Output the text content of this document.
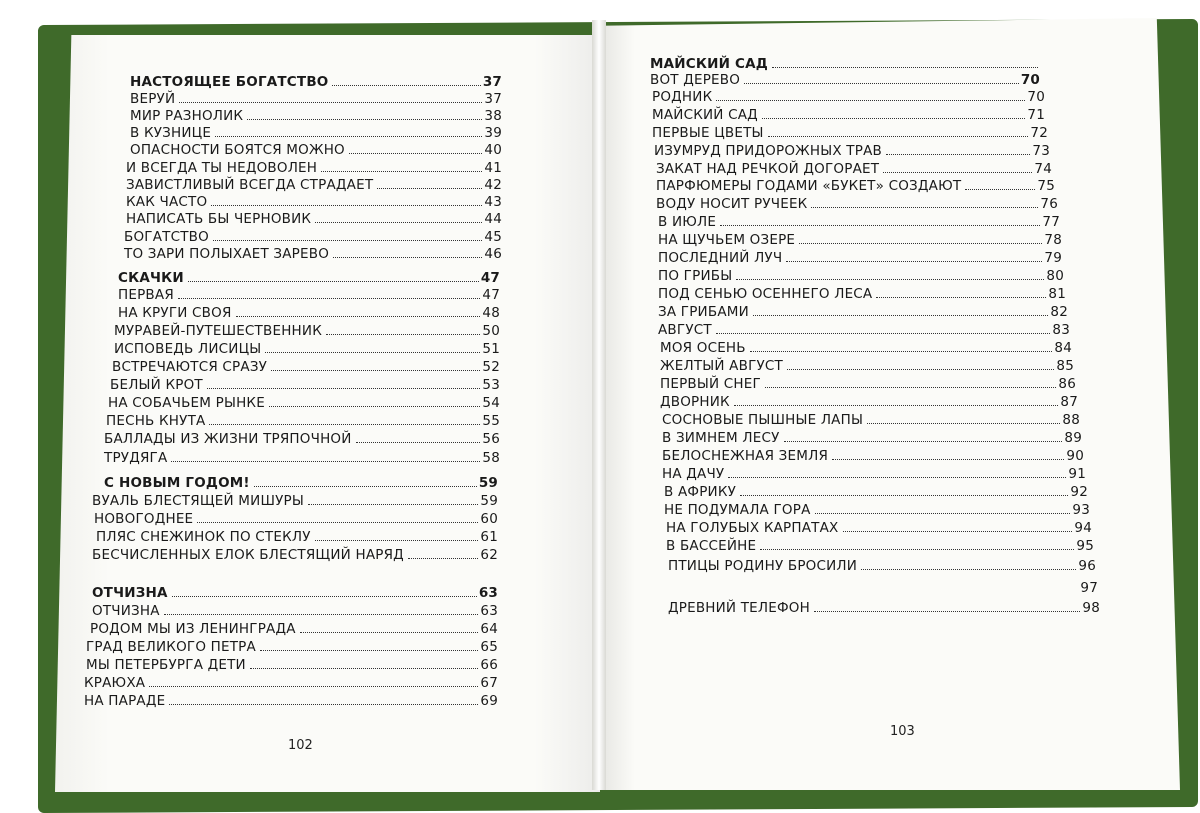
НАСТОЯЩЕЕ БОГАТСТВО	37
ВЕРУЙ	37
МИР РАЗНОЛИК	38
В КУЗНИЦЕ	39
ОПАСНОСТИ БОЯТСЯ МОЖНО	40
И ВСЕГДА ТЫ НЕДОВОЛЕН	41
ЗАВИСТЛИВЫЙ ВСЕГДА СТРАДАЕТ	42
КАК ЧАСТО	43
НАПИСАТЬ БЫ ЧЕРНОВИК	44
БОГАТСТВО	45
ТО ЗАРИ ПОЛЫХАЕТ ЗАРЕВО	46
СКАЧКИ	47
ПЕРВАЯ	47
НА КРУГИ СВОЯ	48
МУРАВЕЙ-ПУТЕШЕСТВЕННИК	50
ИСПОВЕДЬ ЛИСИЦЫ	51
ВСТРЕЧАЮТСЯ СРАЗУ	52
БЕЛЫЙ КРОТ	53
НА СОБАЧЬЕМ РЫНКЕ	54
ПЕСНЬ КНУТА	55
БАЛЛАДЫ ИЗ ЖИЗНИ ТРЯПОЧНОЙ	56
ТРУДЯГА	58
С НОВЫМ ГОДОМ!	59
ВУАЛЬ БЛЕСТЯЩЕЙ МИШУРЫ	59
НОВОГОДНЕЕ	60
ПЛЯС СНЕЖИНОК ПО СТЕКЛУ	61
БЕСЧИСЛЕННЫХ ЕЛОК БЛЕСТЯЩИЙ НАРЯД	62
ОТЧИЗНА	63
ОТЧИЗНА	63
РОДОМ МЫ ИЗ ЛЕНИНГРАДА	64
ГРАД ВЕЛИКОГО ПЕТРА	65
МЫ ПЕТЕРБУРГА ДЕТИ	66
КРАЮХА	67
НА ПАРАДЕ	69
МАЙСКИЙ САД
ВОТ ДЕРЕВО	70
РОДНИК	70
МАЙСКИЙ САД	71
ПЕРВЫЕ ЦВЕТЫ	72
ИЗУМРУД ПРИДОРОЖНЫХ ТРАВ	73
ЗАКАТ НАД РЕЧКОЙ ДОГОРАЕТ	74
ПАРФЮМЕРЫ ГОДАМИ «БУКЕТ» СОЗДАЮТ	75
ВОДУ НОСИТ РУЧЕЕК	76
В ИЮЛЕ	77
НА ЩУЧЬЕМ ОЗЕРЕ	78
ПОСЛЕДНИЙ ЛУЧ	79
ПО ГРИБЫ	80
ПОД СЕНЬЮ ОСЕННЕГО ЛЕСА	81
ЗА ГРИБАМИ	82
АВГУСТ	83
МОЯ ОСЕНЬ	84
ЖЕЛТЫЙ АВГУСТ	85
ПЕРВЫЙ СНЕГ	86
ДВОРНИК	87
СОСНОВЫЕ ПЫШНЫЕ ЛАПЫ	88
В ЗИМНЕМ ЛЕСУ	89
БЕЛОСНЕЖНАЯ ЗЕМЛЯ	90
НА ДАЧУ	91
В АФРИКУ	92
НЕ ПОДУМАЛА ГОРА	93
НА ГОЛУБЫХ КАРПАТАХ	94
В БАССЕЙНЕ	95
ПТИЦЫ РОДИНУ БРОСИЛИ	96
97
ДРЕВНИЙ ТЕЛЕФОН	98
102
103
